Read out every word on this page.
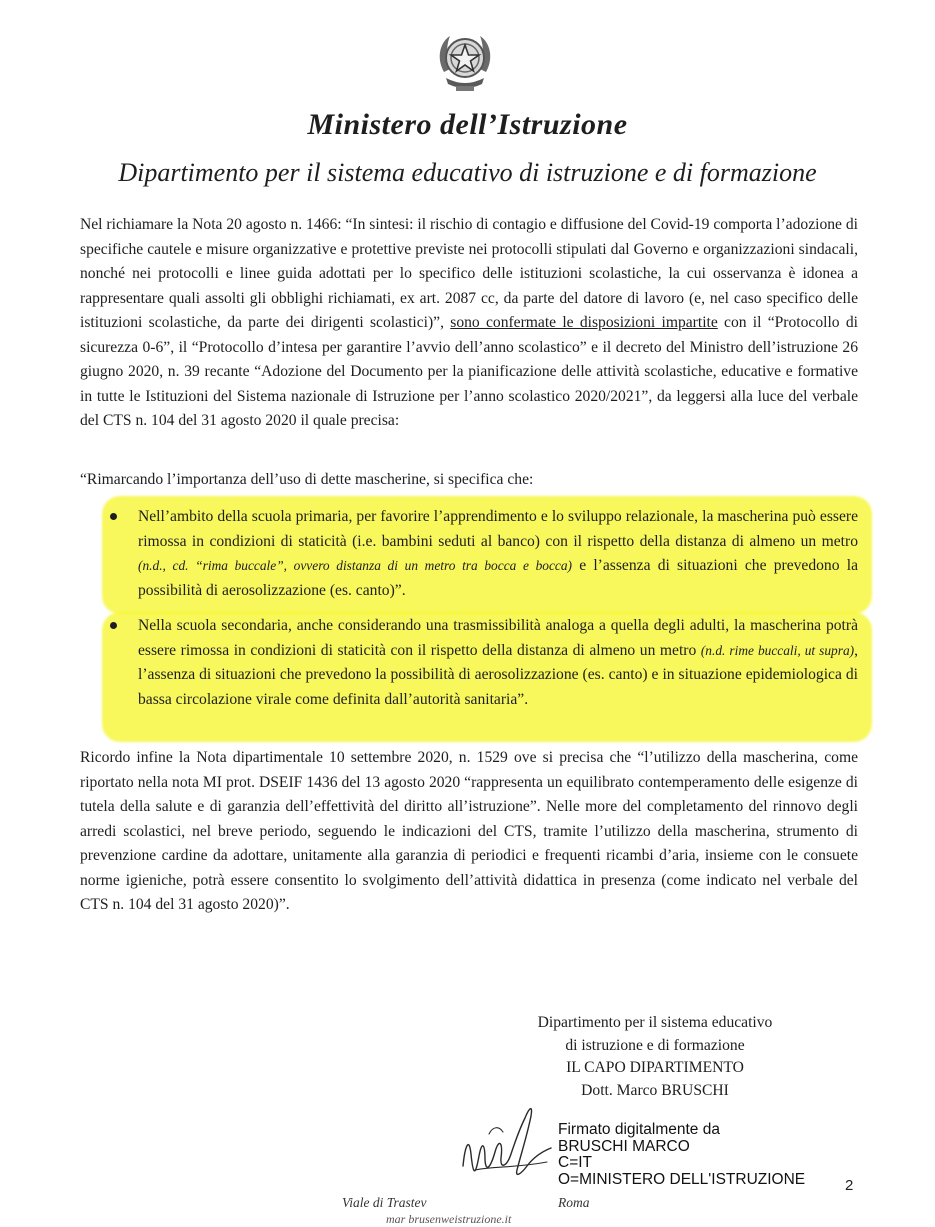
Ministero dell’Istruzione
Dipartimento per il sistema educativo di istruzione e di formazione
Nel richiamare la Nota 20 agosto n. 1466: “In sintesi: il rischio di contagio e diffusione del Covid-19 comporta l’adozione di specifiche cautele e misure organizzative e protettive previste nei protocolli stipulati dal Governo e organizzazioni sindacali, nonché nei protocolli e linee guida adottati per lo specifico delle istituzioni scolastiche, la cui osservanza è idonea a rappresentare quali assolti gli obblighi richiamati, ex art. 2087 cc, da parte del datore di lavoro (e, nel caso specifico delle istituzioni scolastiche, da parte dei dirigenti scolastici)”, sono confermate le disposizioni impartite con il “Protocollo di sicurezza 0-6”, il “Protocollo d’intesa per garantire l’avvio dell’anno scolastico” e il decreto del Ministro dell’istruzione 26 giugno 2020, n. 39 recante “Adozione del Documento per la pianificazione delle attività scolastiche, educative e formative in tutte le Istituzioni del Sistema nazionale di Istruzione per l’anno scolastico 2020/2021”, da leggersi alla luce del verbale del CTS n. 104 del 31 agosto 2020 il quale precisa:
“Rimarcando l’importanza dell’uso di dette mascherine, si specifica che:
Nell’ambito della scuola primaria, per favorire l’apprendimento e lo sviluppo relazionale, la mascherina può essere rimossa in condizioni di staticità (i.e. bambini seduti al banco) con il rispetto della distanza di almeno un metro (n.d., cd. “rima buccale”, ovvero distanza di un metro tra bocca e bocca) e l’assenza di situazioni che prevedono la possibilità di aerosolizzazione (es. canto)”.
Nella scuola secondaria, anche considerando una trasmissibilità analoga a quella degli adulti, la mascherina potrà essere rimossa in condizioni di staticità con il rispetto della distanza di almeno un metro (n.d. rime buccali, ut supra), l’assenza di situazioni che prevedono la possibilità di aerosolizzazione (es. canto) e in situazione epidemiologica di bassa circolazione virale come definita dall’autorità sanitaria”.
Ricordo infine la Nota dipartimentale 10 settembre 2020, n. 1529 ove si precisa che “l’utilizzo della mascherina, come riportato nella nota MI prot. DSEIF 1436 del 13 agosto 2020 “rappresenta un equilibrato contemperamento delle esigenze di tutela della salute e di garanzia dell’effettività del diritto all’istruzione”. Nelle more del completamento del rinnovo degli arredi scolastici, nel breve periodo, seguendo le indicazioni del CTS, tramite l’utilizzo della mascherina, strumento di prevenzione cardine da adottare, unitamente alla garanzia di periodici e frequenti ricambi d’aria, insieme con le consuete norme igieniche, potrà essere consentito lo svolgimento dell’attività didattica in presenza (come indicato nel verbale del CTS n. 104 del 31 agosto 2020)”.
Dipartimento per il sistema educativo
di istruzione e di formazione
IL CAPO DIPARTIMENTO
Dott. Marco BRUSCHI
Firmato digitalmente da
BRUSCHI MARCO
C=IT
O=MINISTERO DELL'ISTRUZIONE	2
Viale di Trastev	Roma
mar brusenweistruzione.it
